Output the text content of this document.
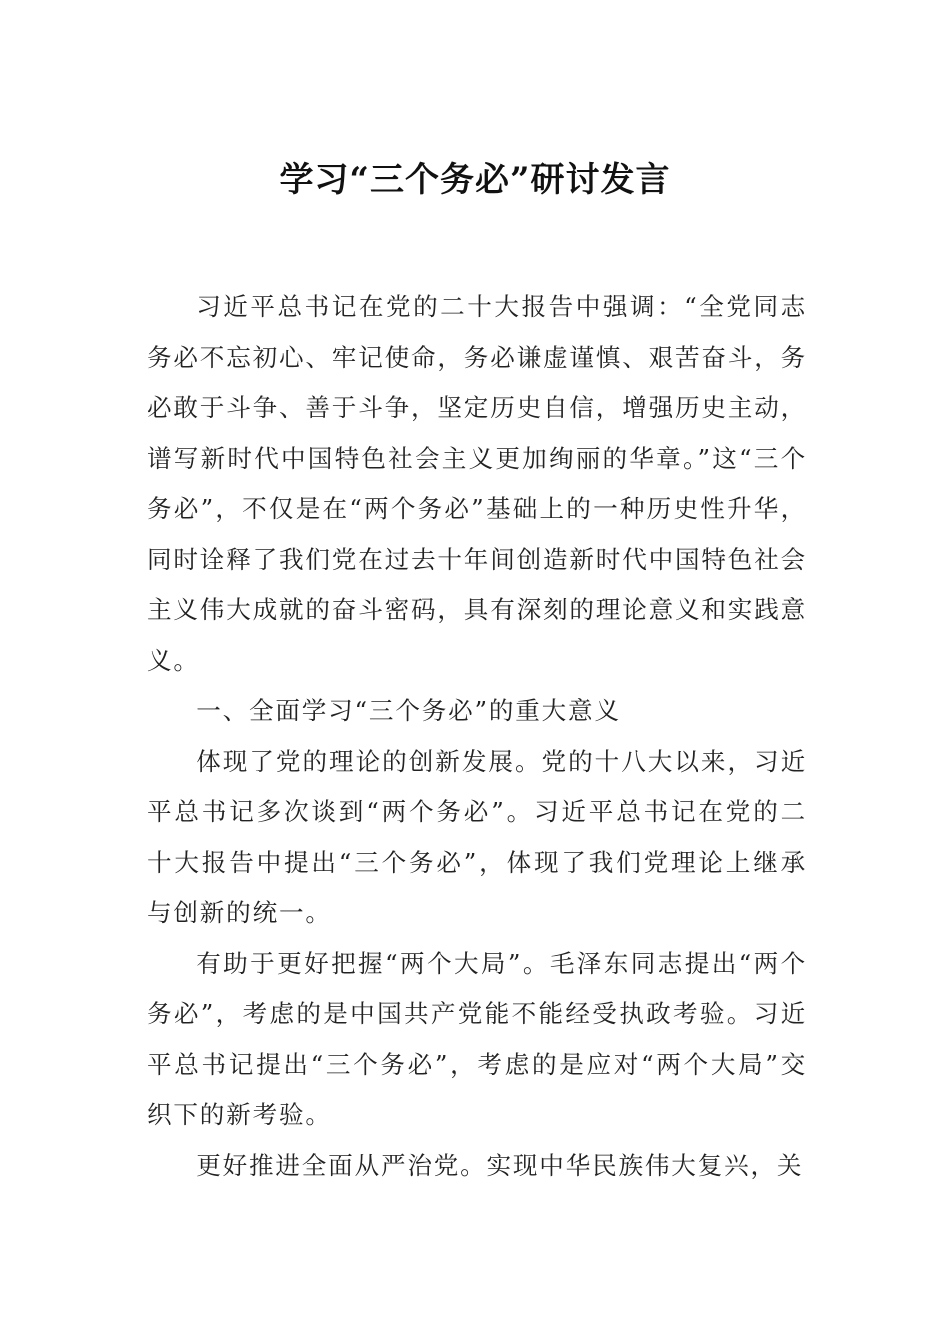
学习“三个务必”研讨发言

习近平总书记在党的二十大报告中强调：“全党同志务必不忘初心、牢记使命，务必谦虚谨慎、艰苦奋斗，务必敢于斗争、善于斗争，坚定历史自信，增强历史主动，谱写新时代中国特色社会主义更加绚丽的华章。”这“三个务必”，不仅是在“两个务必”基础上的一种历史性升华，同时诠释了我们党在过去十年间创造新时代中国特色社会主义伟大成就的奋斗密码，具有深刻的理论意义和实践意义。

一、全面学习“三个务必”的重大意义

体现了党的理论的创新发展。党的十八大以来，习近平总书记多次谈到“两个务必”。习近平总书记在党的二十大报告中提出“三个务必”，体现了我们党理论上继承与创新的统一。

有助于更好把握“两个大局”。毛泽东同志提出“两个务必”，考虑的是中国共产党能不能经受执政考验。习近平总书记提出“三个务必”，考虑的是应对“两个大局”交织下的新考验。

更好推进全面从严治党。实现中华民族伟大复兴，关
